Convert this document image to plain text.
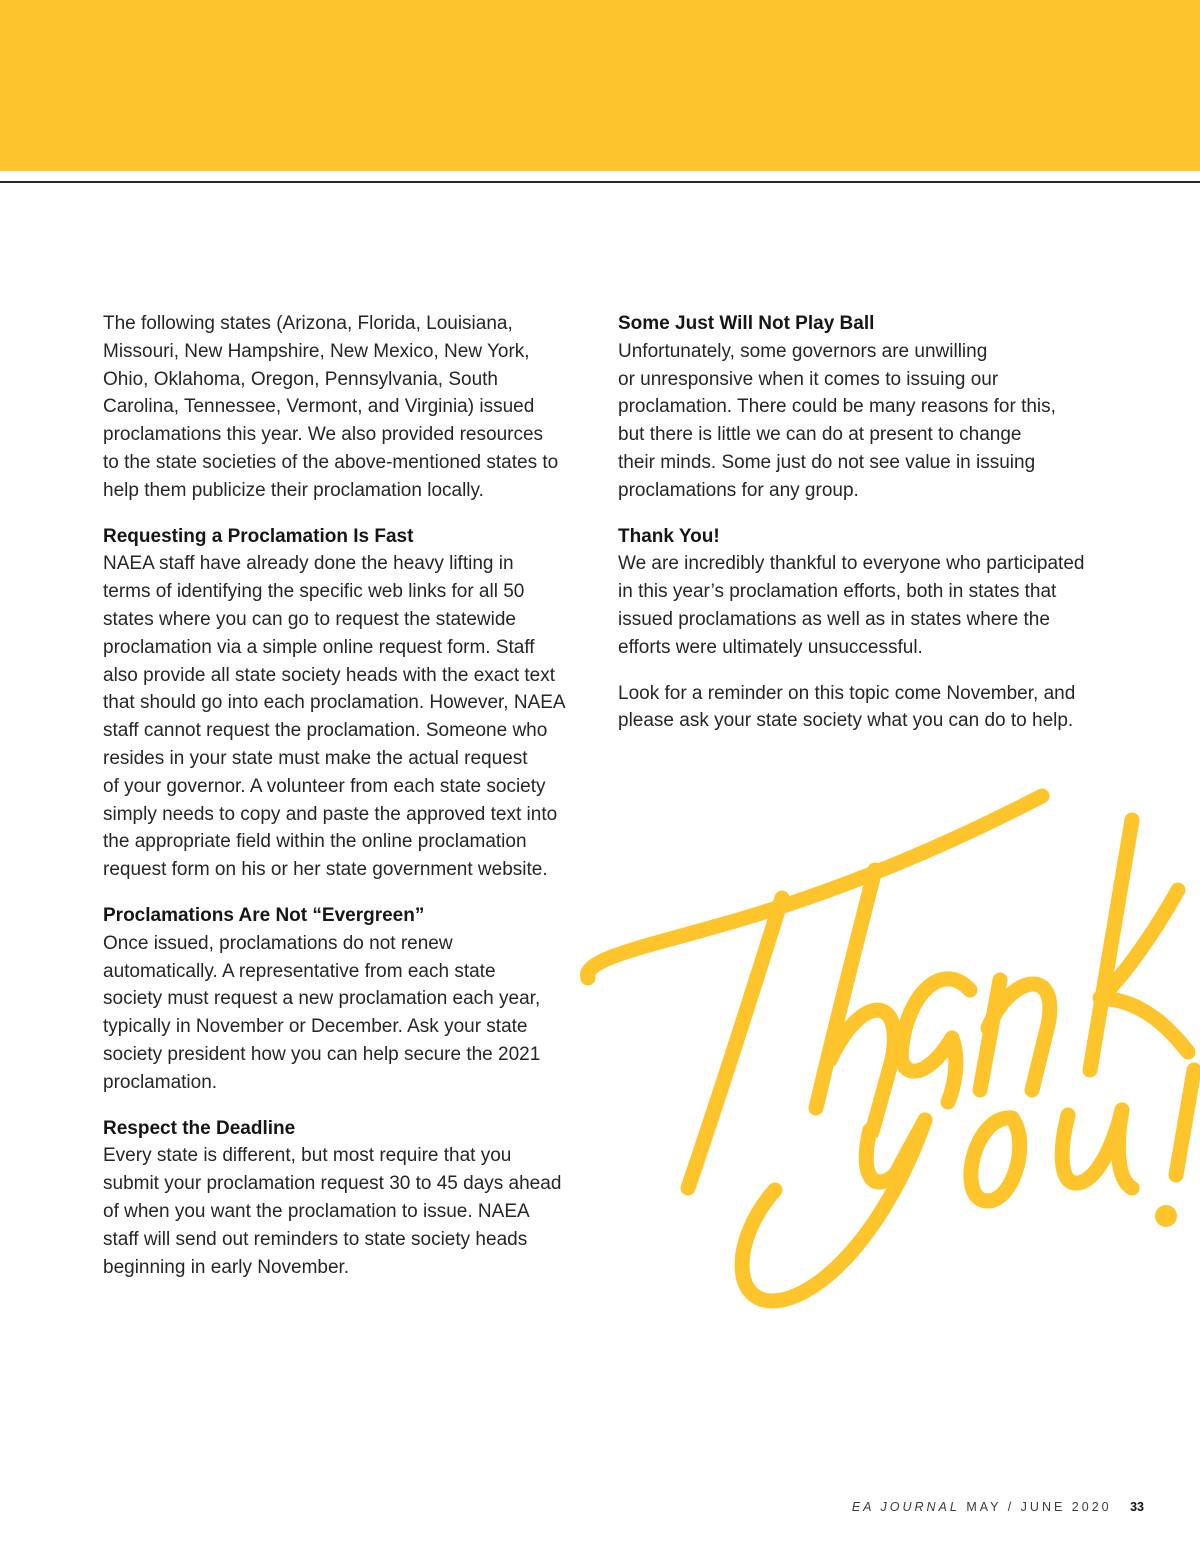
The following states (Arizona, Florida, Louisiana,
Missouri, New Hampshire, New Mexico, New York,
Ohio, Oklahoma, Oregon, Pennsylvania, South
Carolina, Tennessee, Vermont, and Virginia) issued
proclamations this year. We also provided resources
to the state societies of the above-mentioned states to
help them publicize their proclamation locally.

Requesting a Proclamation Is Fast
NAEA staff have already done the heavy lifting in
terms of identifying the specific web links for all 50
states where you can go to request the statewide
proclamation via a simple online request form. Staff
also provide all state society heads with the exact text
that should go into each proclamation. However, NAEA
staff cannot request the proclamation. Someone who
resides in your state must make the actual request
of your governor. A volunteer from each state society
simply needs to copy and paste the approved text into
the appropriate field within the online proclamation
request form on his or her state government website.

Proclamations Are Not “Evergreen”
Once issued, proclamations do not renew
automatically. A representative from each state
society must request a new proclamation each year,
typically in November or December. Ask your state
society president how you can help secure the 2021
proclamation.

Respect the Deadline
Every state is different, but most require that you
submit your proclamation request 30 to 45 days ahead
of when you want the proclamation to issue. NAEA
staff will send out reminders to state society heads
beginning in early November.

Some Just Will Not Play Ball
Unfortunately, some governors are unwilling
or unresponsive when it comes to issuing our
proclamation. There could be many reasons for this,
but there is little we can do at present to change
their minds. Some just do not see value in issuing
proclamations for any group.

Thank You!
We are incredibly thankful to everyone who participated
in this year’s proclamation efforts, both in states that
issued proclamations as well as in states where the
efforts were ultimately unsuccessful.

Look for a reminder on this topic come November, and
please ask your state society what you can do to help.

EA JOURNAL MAY / JUNE 2020 33
